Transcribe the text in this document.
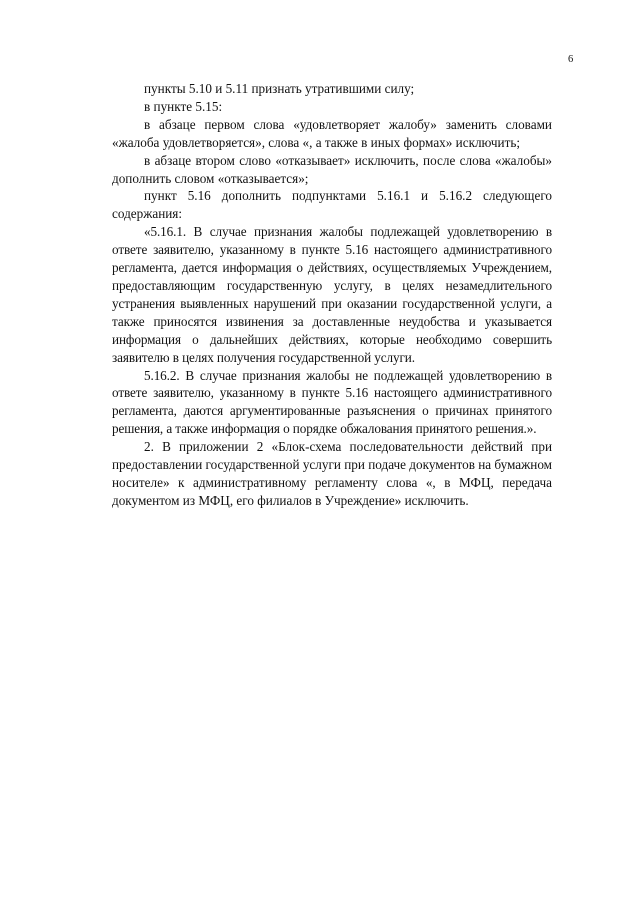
6

пункты 5.10 и 5.11 признать утратившими силу;

в пункте 5.15:

в абзаце первом слова «удовлетворяет жалобу» заменить словами «жалоба удовлетворяется», слова «, а также в иных формах» исключить;

в абзаце втором слово «отказывает» исключить, после слова «жалобы» дополнить словом «отказывается»;

пункт 5.16 дополнить подпунктами 5.16.1 и 5.16.2 следующего содержания:

«5.16.1. В случае признания жалобы подлежащей удовлетворению в ответе заявителю, указанному в пункте 5.16 настоящего административного регламента, дается информация о действиях, осуществляемых Учреждением, предоставляющим государственную услугу, в целях незамедлительного устранения выявленных нарушений при оказании государственной услуги, а также приносятся извинения за доставленные неудобства и указывается информация о дальнейших действиях, которые необходимо совершить заявителю в целях получения государственной услуги.

5.16.2. В случае признания жалобы не подлежащей удовлетворению в ответе заявителю, указанному в пункте 5.16 настоящего административного регламента, даются аргументированные разъяснения о причинах принятого решения, а также информация о порядке обжалования принятого решения.».

2. В приложении 2 «Блок-схема последовательности действий при предоставлении государственной услуги при подаче документов на бумажном носителе» к административному регламенту слова «, в МФЦ, передача документом из МФЦ, его филиалов в Учреждение» исключить.
